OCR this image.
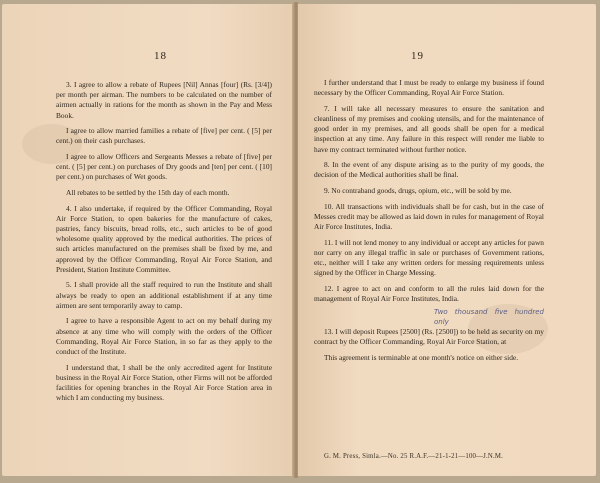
18

3. I agree to allow a rebate of Rupees [Nil] Annas [four] (Rs. [3/4]) per month per airman. The numbers to be calculated on the number of airmen actually in rations for the month as shown in the Pay and Mess Book.

I agree to allow married families a rebate of [five] per cent. ( [5] per cent.) on their cash purchases.

I agree to allow Officers and Sergeants Messes a rebate of [five] per cent. ( [5] per cent.) on purchases of Dry goods and [ten] per cent. ( [10] per cent.) on purchases of Wet goods.

All rebates to be settled by the 15th day of each month.

4. I also undertake, if required by the Officer Commanding, Royal Air Force Station, to open bakeries for the manufacture of cakes, pastries, fancy biscuits, bread rolls, etc., such articles to be of good wholesome quality approved by the medical authorities. The prices of such articles manufactured on the premises shall be fixed by me, and approved by the Officer Commanding, Royal Air Force Station, and President, Station Institute Committee.

5. I shall provide all the staff required to run the Institute and shall always be ready to open an additional establishment if at any time airmen are sent temporarily away to camp.

I agree to have a responsible Agent to act on my behalf during my absence at any time who will comply with the orders of the Officer Commanding, Royal Air Force Station, in so far as they apply to the conduct of the Institute.

I understand that, I shall be the only accredited agent for Institute business in the Royal Air Force Station, other Firms will not be afforded facilities for opening branches in the Royal Air Force Station area in which I am conducting my business.

19

I further understand that I must be ready to enlarge my business if found necessary by the Officer Commanding, Royal Air Force Station.

7. I will take all necessary measures to ensure the sanitation and cleanliness of my premises and cooking utensils, and for the maintenance of good order in my premises, and all goods shall be open for a medical inspection at any time. Any failure in this respect will render me liable to have my contract terminated without further notice.

8. In the event of any dispute arising as to the purity of my goods, the decision of the Medical authorities shall be final.

9. No contraband goods, drugs, opium, etc., will be sold by me.

10. All transactions with individuals shall be for cash, but in the case of Messes credit may be allowed as laid down in rules for management of Royal Air Force Institutes, India.

11. I will not lend money to any individual or accept any articles for pawn nor carry on any illegal traffic in sale or purchases of Government rations, etc., neither will I take any written orders for messing requirements unless signed by the Officer in Charge Messing.

12. I agree to act on and conform to all the rules laid down for the management of Royal Air Force Institutes, India.

Two thousand five hundred only

13. I will deposit Rupees [2500] (Rs. [2500]) to be held as security on my contract by the Officer Commanding, Royal Air Force Station, at

This agreement is terminable at one month's notice on either side.

G. M. Press, Simla.—No. 25 R.A.F.—21-1-21—100—J.N.M.
